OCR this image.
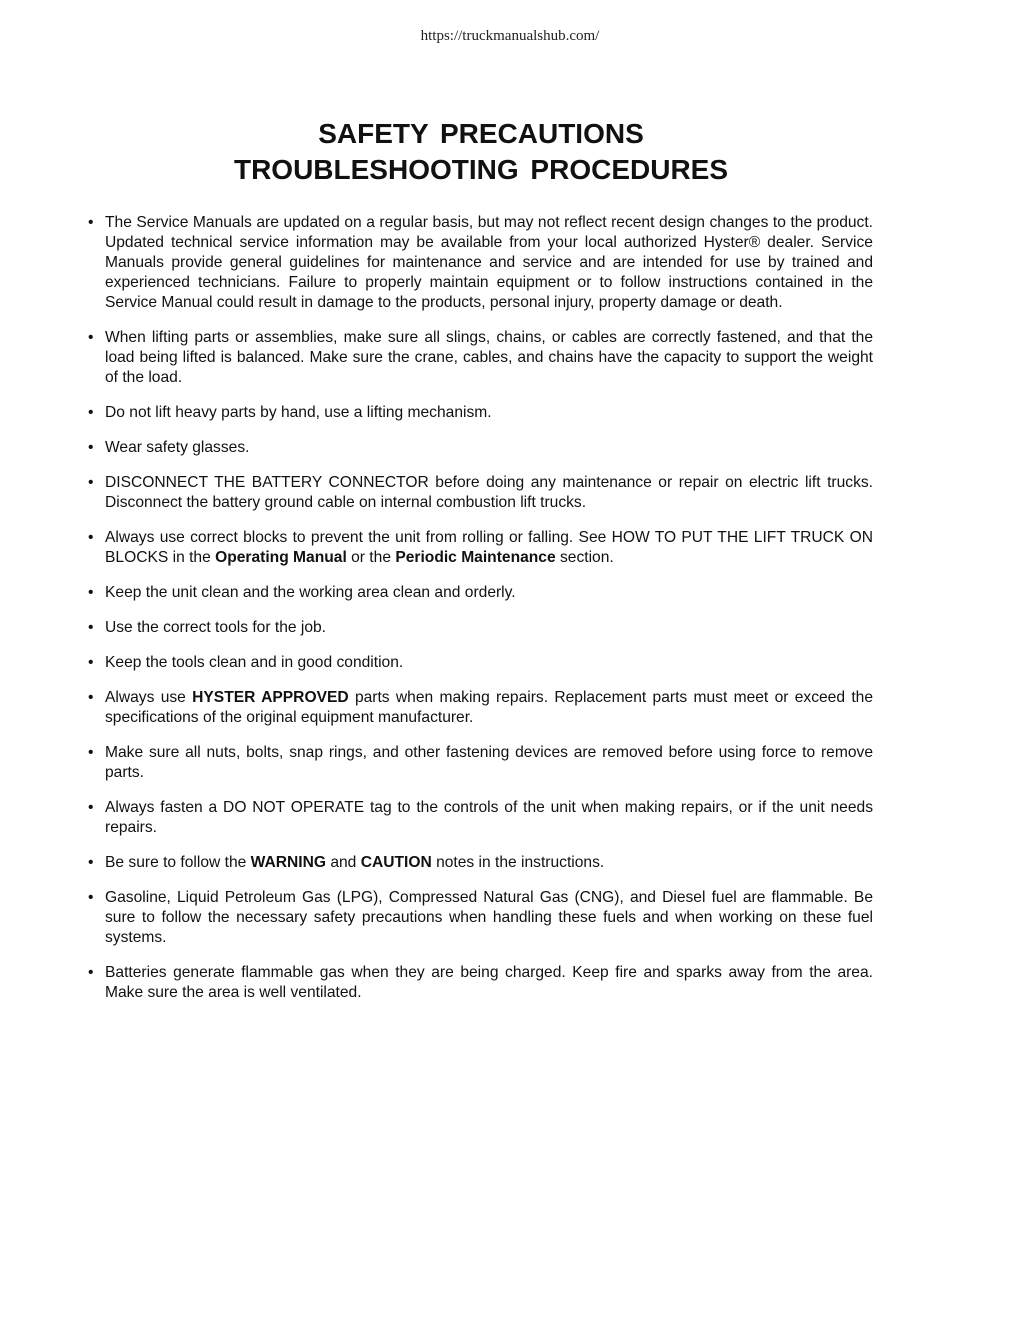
https://truckmanualshub.com/
SAFETY PRECAUTIONS
TROUBLESHOOTING PROCEDURES
• The Service Manuals are updated on a regular basis, but may not reflect recent design changes to the product. Updated technical service information may be available from your local authorized Hyster® dealer. Service Manuals provide general guidelines for maintenance and service and are intended for use by trained and experienced technicians. Failure to properly maintain equipment or to follow instructions contained in the Service Manual could result in damage to the products, personal injury, property damage or death.
• When lifting parts or assemblies, make sure all slings, chains, or cables are correctly fastened, and that the load being lifted is balanced. Make sure the crane, cables, and chains have the capacity to support the weight of the load.
• Do not lift heavy parts by hand, use a lifting mechanism.
• Wear safety glasses.
• DISCONNECT THE BATTERY CONNECTOR before doing any maintenance or repair on electric lift trucks. Disconnect the battery ground cable on internal combustion lift trucks.
• Always use correct blocks to prevent the unit from rolling or falling. See HOW TO PUT THE LIFT TRUCK ON BLOCKS in the Operating Manual or the Periodic Maintenance section.
• Keep the unit clean and the working area clean and orderly.
• Use the correct tools for the job.
• Keep the tools clean and in good condition.
• Always use HYSTER APPROVED parts when making repairs. Replacement parts must meet or exceed the specifications of the original equipment manufacturer.
• Make sure all nuts, bolts, snap rings, and other fastening devices are removed before using force to remove parts.
• Always fasten a DO NOT OPERATE tag to the controls of the unit when making repairs, or if the unit needs repairs.
• Be sure to follow the WARNING and CAUTION notes in the instructions.
• Gasoline, Liquid Petroleum Gas (LPG), Compressed Natural Gas (CNG), and Diesel fuel are flammable. Be sure to follow the necessary safety precautions when handling these fuels and when working on these fuel systems.
• Batteries generate flammable gas when they are being charged. Keep fire and sparks away from the area. Make sure the area is well ventilated.
